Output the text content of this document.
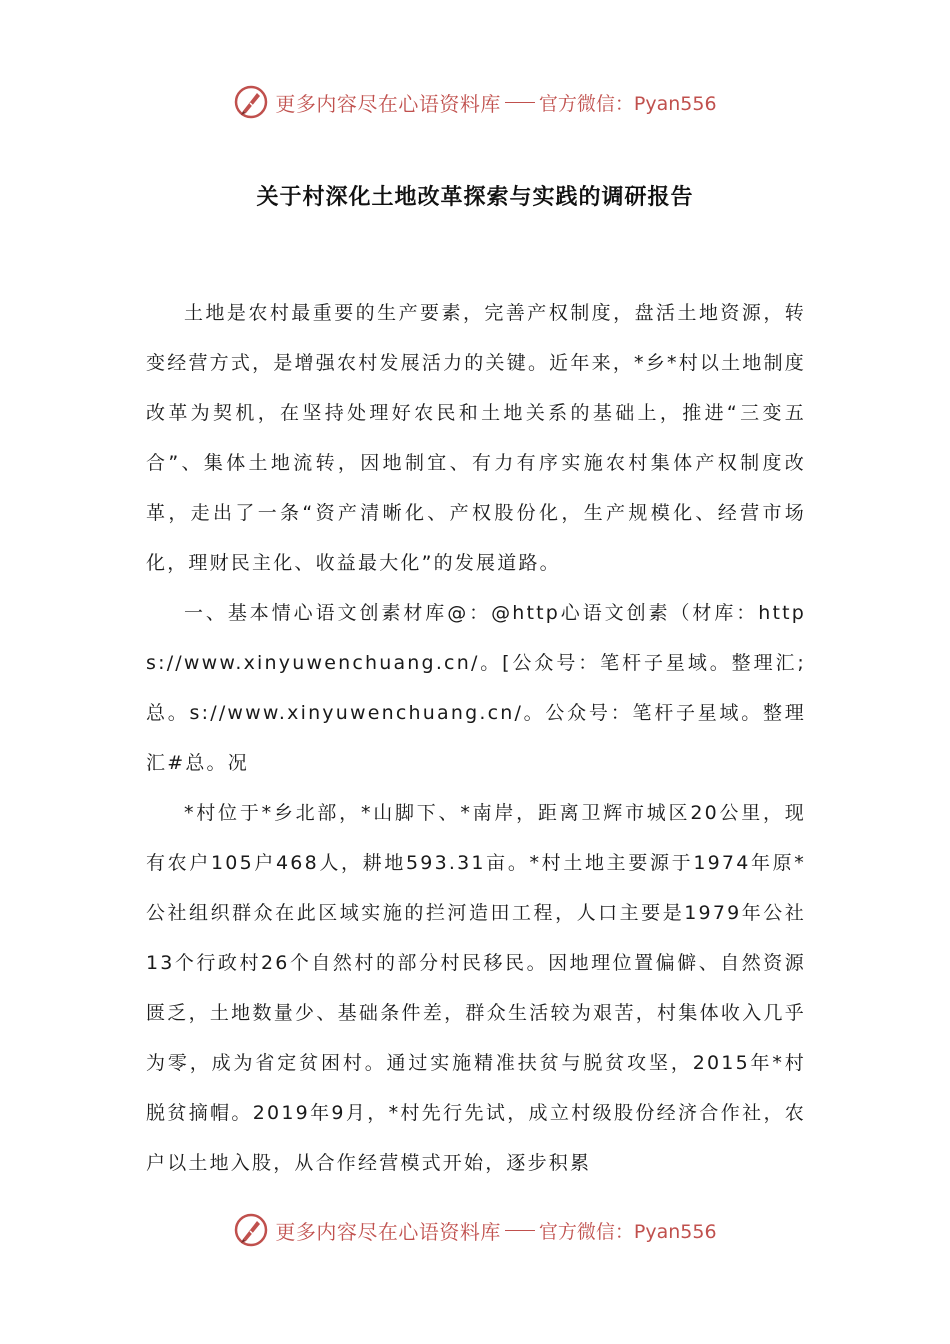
更多内容尽在心语资料库 官方微信：Pyan556
关于村深化土地改革探索与实践的调研报告

土地是农村最重要的生产要素，完善产权制度，盘活土地资源，转变经营方式，是增强农村发展活力的关键。近年来，*乡*村以土地制度改革为契机，在坚持处理好农民和土地关系的基础上，推进“三变五合”、集体土地流转，因地制宜、有力有序实施农村集体产权制度改革，走出了一条“资产清晰化、产权股份化，生产规模化、经营市场化，理财民主化、收益最大化”的发展道路。

一、基本情心语文创素材库@：@http心语文创素（材库：https://www.xinyuwenchuang.cn/。[公众号：笔杆子星域。整理汇;总。s://www.xinyuwenchuang.cn/。公众号：笔杆子星域。整理汇#总。况

*村位于*乡北部，*山脚下、*南岸，距离卫辉市城区20公里，现有农户105户468人，耕地593.31亩。*村土地主要源于1974年原*公社组织群众在此区域实施的拦河造田工程，人口主要是1979年公社13个行政村26个自然村的部分村民移民。因地理位置偏僻、自然资源匮乏，土地数量少、基础条件差，群众生活较为艰苦，村集体收入几乎为零，成为省定贫困村。通过实施精准扶贫与脱贫攻坚，2015年*村脱贫摘帽。2019年9月，*村先行先试，成立村级股份经济合作社，农户以土地入股，从合作经营模式开始，逐步积累

更多内容尽在心语资料库 官方微信：Pyan556
